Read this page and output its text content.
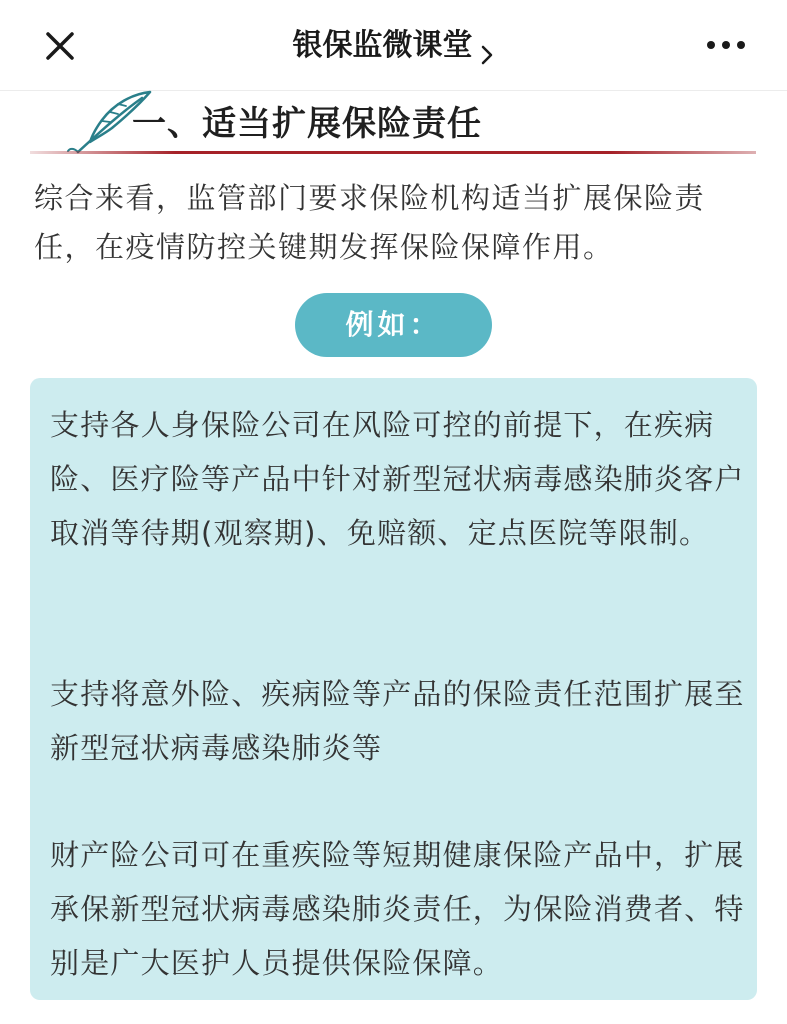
银保监微课堂
一、适当扩展保险责任
综合来看，监管部门要求保险机构适当扩展保险责任，在疫情防控关键期发挥保险保障作用。
例如：
支持各人身保险公司在风险可控的前提下，在疾病险、医疗险等产品中针对新型冠状病毒感染肺炎客户取消等待期(观察期)、免赔额、定点医院等限制。
支持将意外险、疾病险等产品的保险责任范围扩展至新型冠状病毒感染肺炎等
财产险公司可在重疾险等短期健康保险产品中，扩展承保新型冠状病毒感染肺炎责任，为保险消费者、特别是广大医护人员提供保险保障。
